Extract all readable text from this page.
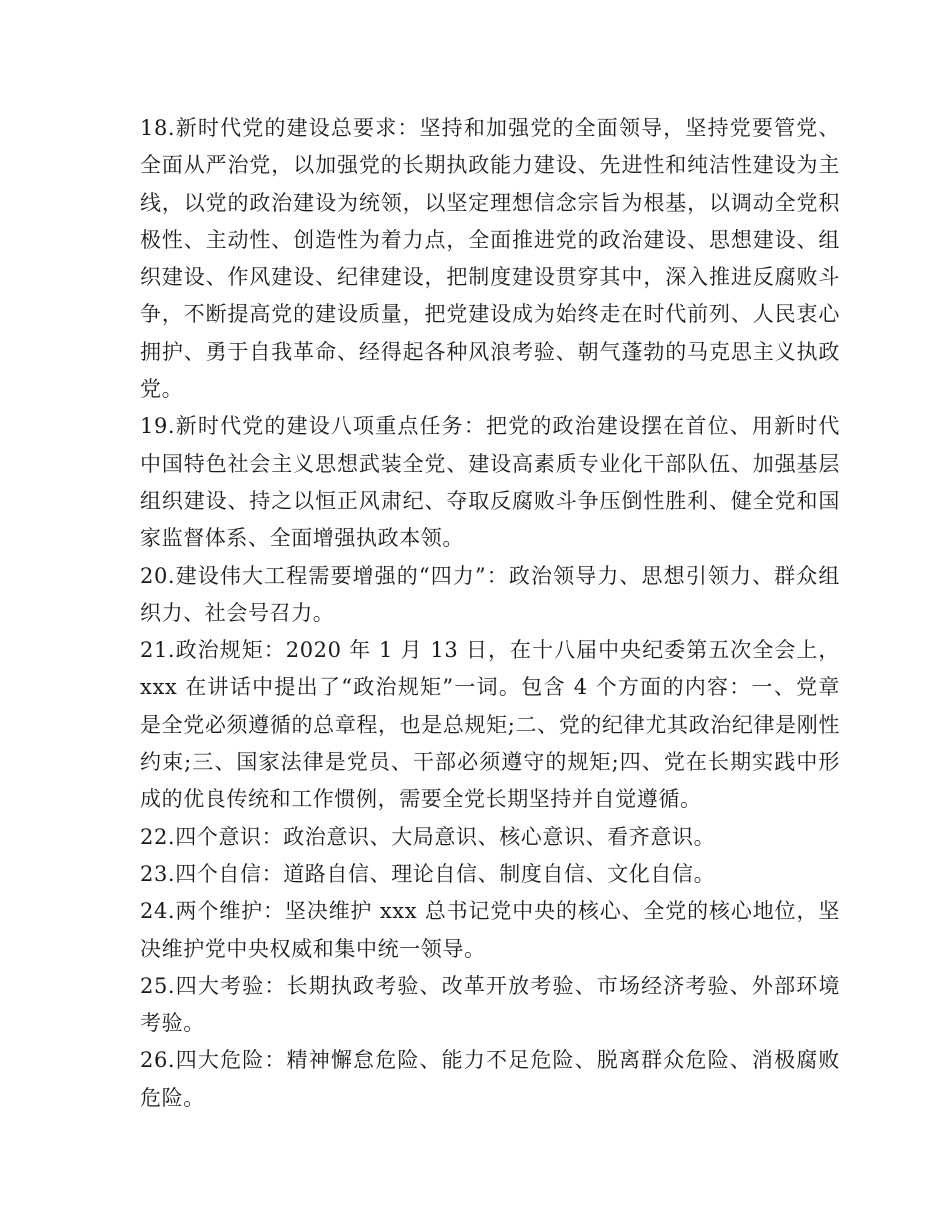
18.新时代党的建设总要求：坚持和加强党的全面领导，坚持党要管党、全面从严治党，以加强党的长期执政能力建设、先进性和纯洁性建设为主线，以党的政治建设为统领，以坚定理想信念宗旨为根基，以调动全党积极性、主动性、创造性为着力点，全面推进党的政治建设、思想建设、组织建设、作风建设、纪律建设，把制度建设贯穿其中，深入推进反腐败斗争，不断提高党的建设质量，把党建设成为始终走在时代前列、人民衷心拥护、勇于自我革命、经得起各种风浪考验、朝气蓬勃的马克思主义执政党。

19.新时代党的建设八项重点任务：把党的政治建设摆在首位、用新时代中国特色社会主义思想武装全党、建设高素质专业化干部队伍、加强基层组织建设、持之以恒正风肃纪、夺取反腐败斗争压倒性胜利、健全党和国家监督体系、全面增强执政本领。

20.建设伟大工程需要增强的“四力”：政治领导力、思想引领力、群众组织力、社会号召力。

21.政治规矩：2020 年 1 月 13 日，在十八届中央纪委第五次全会上，xxx 在讲话中提出了“政治规矩”一词。包含 4 个方面的内容：一、党章是全党必须遵循的总章程，也是总规矩;二、党的纪律尤其政治纪律是刚性约束;三、国家法律是党员、干部必须遵守的规矩;四、党在长期实践中形成的优良传统和工作惯例，需要全党长期坚持并自觉遵循。

22.四个意识：政治意识、大局意识、核心意识、看齐意识。

23.四个自信：道路自信、理论自信、制度自信、文化自信。

24.两个维护：坚决维护 xxx 总书记党中央的核心、全党的核心地位，坚决维护党中央权威和集中统一领导。

25.四大考验：长期执政考验、改革开放考验、市场经济考验、外部环境考验。

26.四大危险：精神懈怠危险、能力不足危险、脱离群众危险、消极腐败危险。
